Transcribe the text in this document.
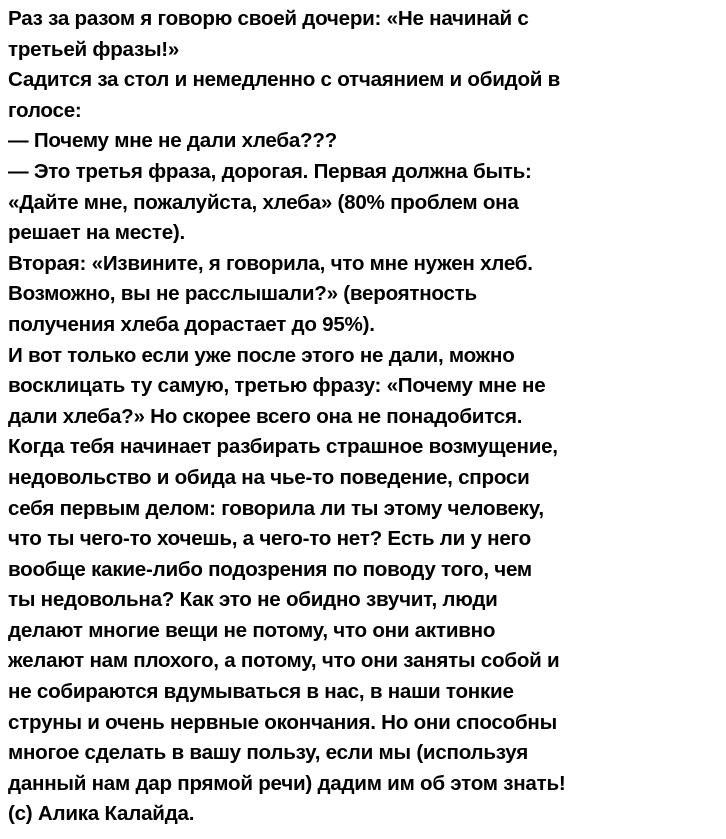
Раз за разом я говорю своей дочери: «Не начинай с
третьей фразы!»
Садится за стол и немедленно с отчаянием и обидой в
голосе:
— Почему мне не дали хлеба???
— Это третья фраза, дорогая. Первая должна быть:
«Дайте мне, пожалуйста, хлеба» (80% проблем она
решает на месте).
Вторая: «Извините, я говорила, что мне нужен хлеб.
Возможно, вы не расслышали?» (вероятность
получения хлеба дорастает до 95%).
И вот только если уже после этого не дали, можно
восклицать ту самую, третью фразу: «Почему мне не
дали хлеба?» Но скорее всего она не понадобится.
Когда тебя начинает разбирать страшное возмущение,
недовольство и обида на чье-то поведение, спроси
себя первым делом: говорила ли ты этому человеку,
что ты чего-то хочешь, а чего-то нет? Есть ли у него
вообще какие-либо подозрения по поводу того, чем
ты недовольна? Как это не обидно звучит, люди
делают многие вещи не потому, что они активно
желают нам плохого, а потому, что они заняты собой и
не собираются вдумываться в нас, в наши тонкие
струны и очень нервные окончания. Но они способны
многое сделать в вашу пользу, если мы (используя
данный нам дар прямой речи) дадим им об этом знать!
(с) Алика Калайда.
